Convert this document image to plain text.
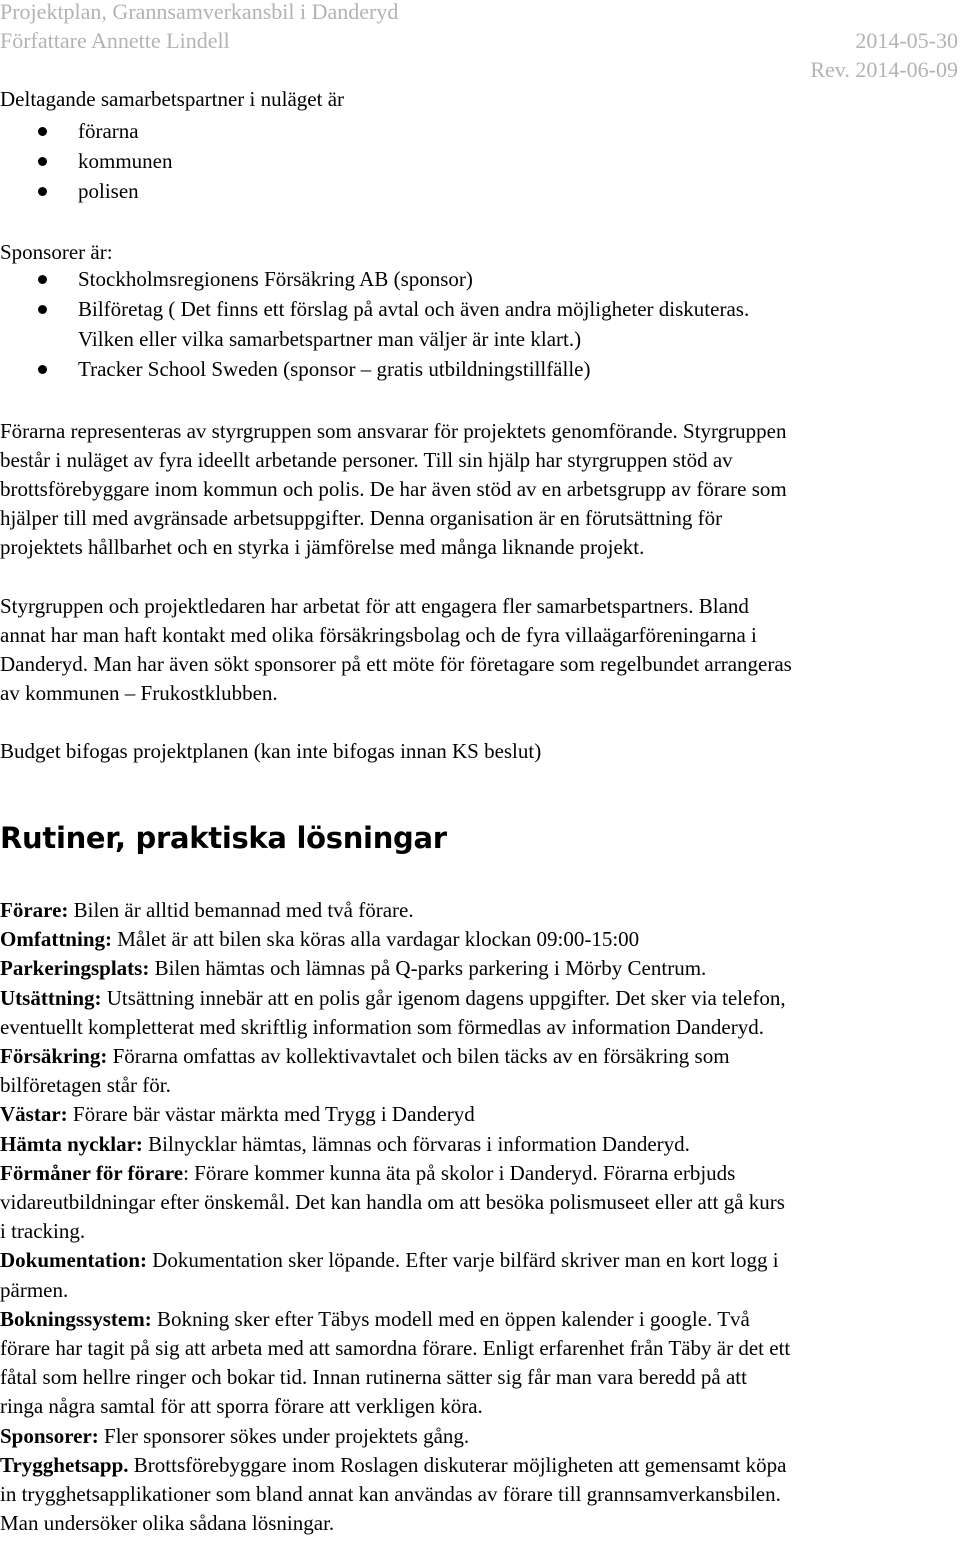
Projektplan, Grannsamverkansbil i Danderyd
Författare Annette Lindell	2014-05-30
Rev. 2014-06-09
Deltagande samarbetspartner i nuläget är
förarna
kommunen
polisen
Sponsorer är:
Stockholmsregionens Försäkring AB (sponsor)
Bilföretag ( Det finns ett förslag på avtal och även andra möjligheter diskuteras.
Vilken eller vilka samarbetspartner man väljer är inte klart.)
Tracker School Sweden (sponsor – gratis utbildningstillfälle)
Förarna representeras av styrgruppen som ansvarar för projektets genomförande. Styrgruppen
består i nuläget av fyra ideellt arbetande personer. Till sin hjälp har styrgruppen stöd av
brottsförebyggare inom kommun och polis. De har även stöd av en arbetsgrupp av förare som
hjälper till med avgränsade arbetsuppgifter. Denna organisation är en förutsättning för
projektets hållbarhet och en styrka i jämförelse med många liknande projekt.
Styrgruppen och projektledaren har arbetat för att engagera fler samarbetspartners. Bland
annat har man haft kontakt med olika försäkringsbolag och de fyra villaägarföreningarna i
Danderyd. Man har även sökt sponsorer på ett möte för företagare som regelbundet arrangeras
av kommunen – Frukostklubben.
Budget bifogas projektplanen (kan inte bifogas innan KS beslut)
Rutiner, praktiska lösningar
Förare: Bilen är alltid bemannad med två förare.
Omfattning: Målet är att bilen ska köras alla vardagar klockan 09:00-15:00
Parkeringsplats: Bilen hämtas och lämnas på Q-parks parkering i Mörby Centrum.
Utsättning: Utsättning innebär att en polis går igenom dagens uppgifter. Det sker via telefon,
eventuellt kompletterat med skriftlig information som förmedlas av information Danderyd.
Försäkring: Förarna omfattas av kollektivavtalet och bilen täcks av en försäkring som
bilföretagen står för.
Västar: Förare bär västar märkta med Trygg i Danderyd
Hämta nycklar: Bilnycklar hämtas, lämnas och förvaras i information Danderyd.
Förmåner för förare: Förare kommer kunna äta på skolor i Danderyd. Förarna erbjuds
vidareutbildningar efter önskemål. Det kan handla om att besöka polismuseet eller att gå kurs
i tracking.
Dokumentation: Dokumentation sker löpande. Efter varje bilfärd skriver man en kort logg i
pärmen.
Bokningssystem: Bokning sker efter Täbys modell med en öppen kalender i google. Två
förare har tagit på sig att arbeta med att samordna förare. Enligt erfarenhet från Täby är det ett
fåtal som hellre ringer och bokar tid. Innan rutinerna sätter sig får man vara beredd på att
ringa några samtal för att sporra förare att verkligen köra.
Sponsorer: Fler sponsorer sökes under projektets gång.
Trygghetsapp. Brottsförebyggare inom Roslagen diskuterar möjligheten att gemensamt köpa
in trygghetsapplikationer som bland annat kan användas av förare till grannsamverkansbilen.
Man undersöker olika sådana lösningar.
